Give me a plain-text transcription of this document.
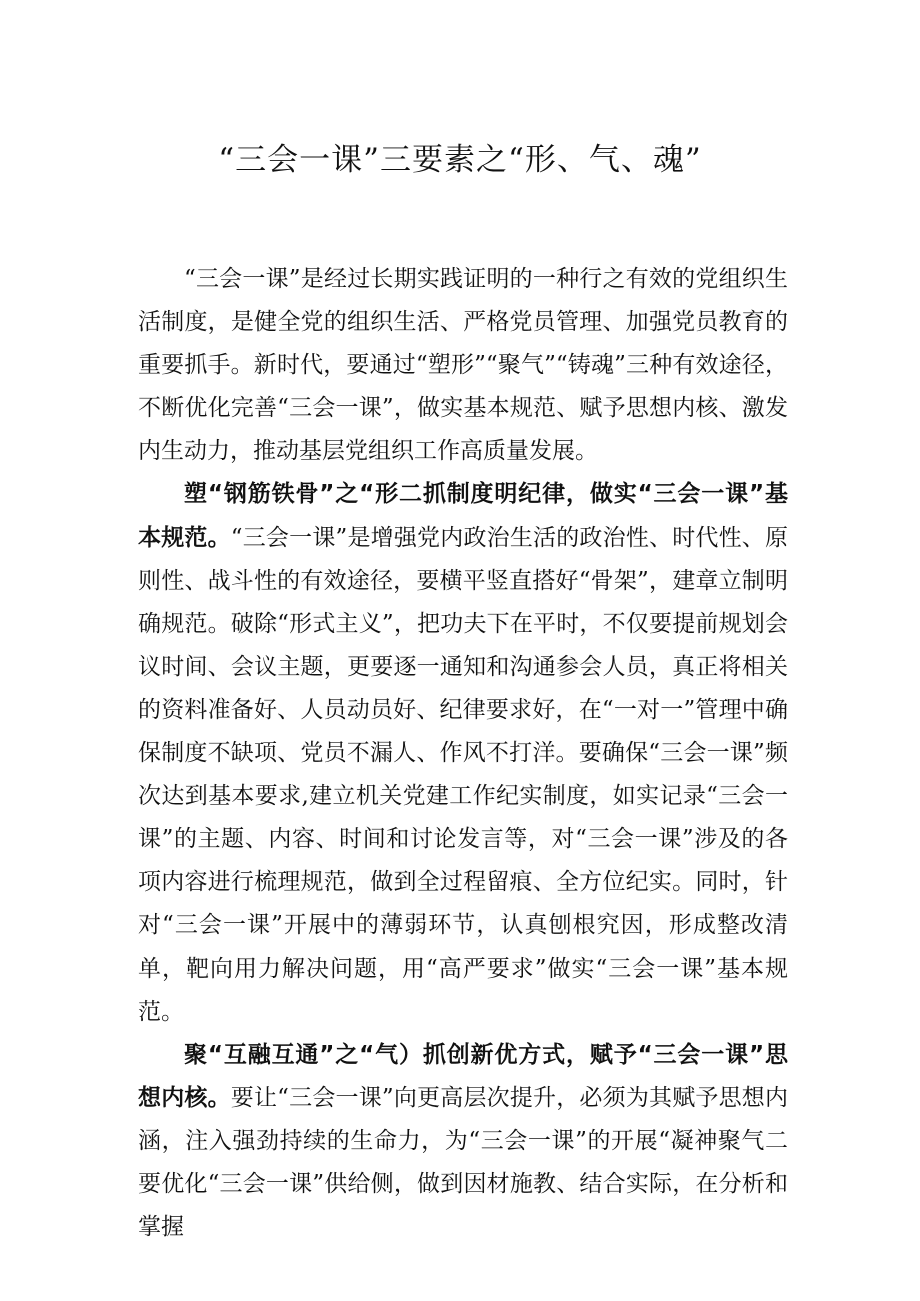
“三会一课”三要素之“形、气、魂”

“三会一课”是经过长期实践证明的一种行之有效的党组织生活制度，是健全党的组织生活、严格党员管理、加强党员教育的重要抓手。新时代，要通过“塑形”“聚气”“铸魂”三种有效途径，不断优化完善“三会一课”，做实基本规范、赋予思想内核、激发内生动力，推动基层党组织工作高质量发展。

塑“钢筋铁骨”之“形二抓制度明纪律，做实“三会一课”基本规范。“三会一课”是增强党内政治生活的政治性、时代性、原则性、战斗性的有效途径，要横平竖直搭好“骨架”，建章立制明确规范。破除“形式主义”，把功夫下在平时，不仅要提前规划会议时间、会议主题，更要逐一通知和沟通参会人员，真正将相关的资料准备好、人员动员好、纪律要求好，在“一对一”管理中确保制度不缺项、党员不漏人、作风不打洋。要确保“三会一课”频次达到基本要求,建立机关党建工作纪实制度，如实记录“三会一课”的主题、内容、时间和讨论发言等，对“三会一课”涉及的各项内容进行梳理规范，做到全过程留痕、全方位纪实。同时，针对“三会一课”开展中的薄弱环节，认真刨根究因，形成整改清单，靶向用力解决问题，用“高严要求”做实“三会一课”基本规范。

聚“互融互通”之“气）抓创新优方式，赋予“三会一课”思想内核。要让“三会一课”向更高层次提升，必须为其赋予思想内涵，注入强劲持续的生命力，为“三会一课”的开展“凝神聚气二要优化“三会一课”供给侧，做到因材施教、结合实际，在分析和掌握
